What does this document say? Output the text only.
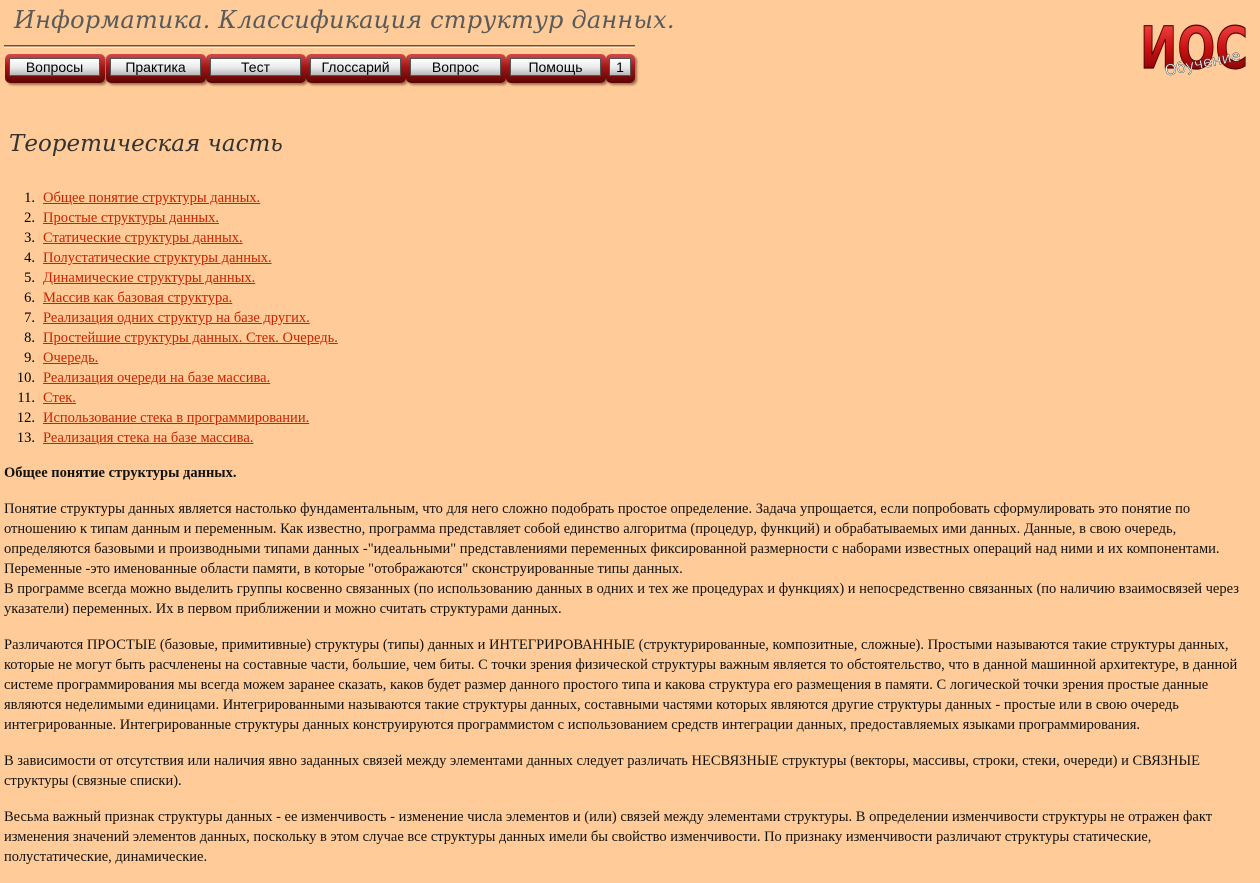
Информатика. Классификация структур данных.
Вопросы	Практика	Тест	Глоссарий	Вопрос	Помощь	1	ИОС
Обучение
Теоретическая часть
1. Общее понятие структуры данных.
2. Простые структуры данных.
3. Статические структуры данных.
4. Полустатические структуры данных.
5. Динамические структуры данных.
6. Массив как базовая структура.
7. Реализация одних структур на базе других.
8. Простейшие структуры данных. Стек. Очередь.
9. Очередь.
10. Реализация очереди на базе массива.
11. Стек.
12. Использование стека в программировании.
13. Реализация стека на базе массива.
Общее понятие структуры данных.

Понятие структуры данных является настолько фундаментальным, что для него сложно подобрать простое определение. Задача упрощается, если попробовать сформулировать это понятие по отношению к типам данным и переменным. Как известно, программа представляет собой единство алгоритма (процедур, функций) и обрабатываемых ими данных. Данные, в свою очередь, определяются базовыми и производными типами данных -"идеальными" представлениями переменных фиксированной размерности с наборами известных операций над ними и их компонентами. Переменные -это именованные области памяти, в которые "отображаются" сконструированные типы данных.
В программе всегда можно выделить группы косвенно связанных (по использованию данных в одних и тех же процедурах и функциях) и непосредственно связанных (по наличию взаимосвязей через указатели) переменных. Их в первом приближении и можно считать структурами данных.

Различаются ПРОСТЫЕ (базовые, примитивные) структуры (типы) данных и ИНТЕГРИРОВАННЫЕ (структурированные, композитные, сложные). Простыми называются такие структуры данных, которые не могут быть расчленены на составные части, большие, чем биты. С точки зрения физической структуры важным является то обстоятельство, что в данной машинной архитектуре, в данной системе программирования мы всегда можем заранее сказать, каков будет размер данного простого типа и какова структура его размещения в памяти. С логической точки зрения простые данные являются неделимыми единицами. Интегрированными называются такие структуры данных, составными частями которых являются другие структуры данных - простые или в свою очередь интегрированные. Интегрированные структуры данных конструируются программистом с использованием средств интеграции данных, предоставляемых языками программирования.

В зависимости от отсутствия или наличия явно заданных связей между элементами данных следует различать НЕСВЯЗНЫЕ структуры (векторы, массивы, строки, стеки, очереди) и СВЯЗНЫЕ структуры (связные списки).

Весьма важный признак структуры данных - ее изменчивость - изменение числа элементов и (или) связей между элементами структуры. В определении изменчивости структуры не отражен факт изменения значений элементов данных, поскольку в этом случае все структуры данных имели бы свойство изменчивости. По признаку изменчивости различают структуры статические, полустатические, динамические.
